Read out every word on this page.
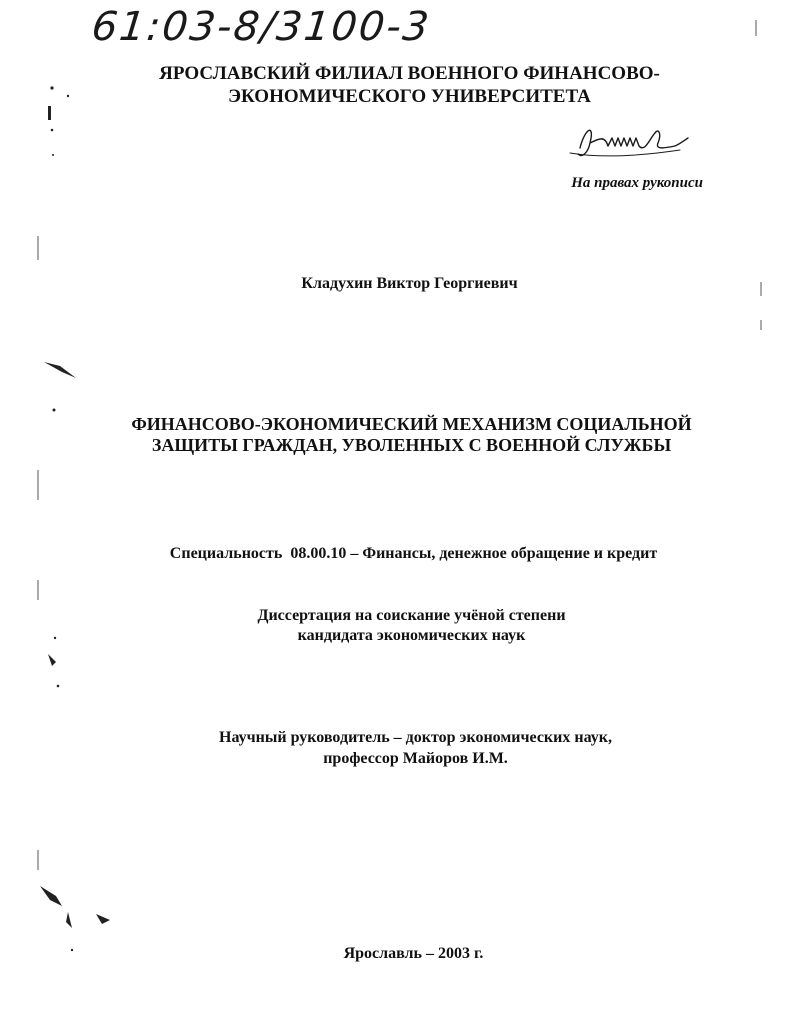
61:03-8/3100-3
ЯРОСЛАВСКИЙ ФИЛИАЛ ВОЕННОГО ФИНАНСОВО-
ЭКОНОМИЧЕСКОГО УНИВЕРСИТЕТА
На правах рукописи
Кладухин Виктор Георгиевич
ФИНАНСОВО-ЭКОНОМИЧЕСКИЙ МЕХАНИЗМ СОЦИАЛЬНОЙ
ЗАЩИТЫ ГРАЖДАН, УВОЛЕННЫХ С ВОЕННОЙ СЛУЖБЫ
Специальность  08.00.10 – Финансы, денежное обращение и кредит
Диссертация на соискание учёной степени
кандидата экономических наук
Научный руководитель – доктор экономических наук,
профессор Майоров И.М.
Ярославль – 2003 г.
